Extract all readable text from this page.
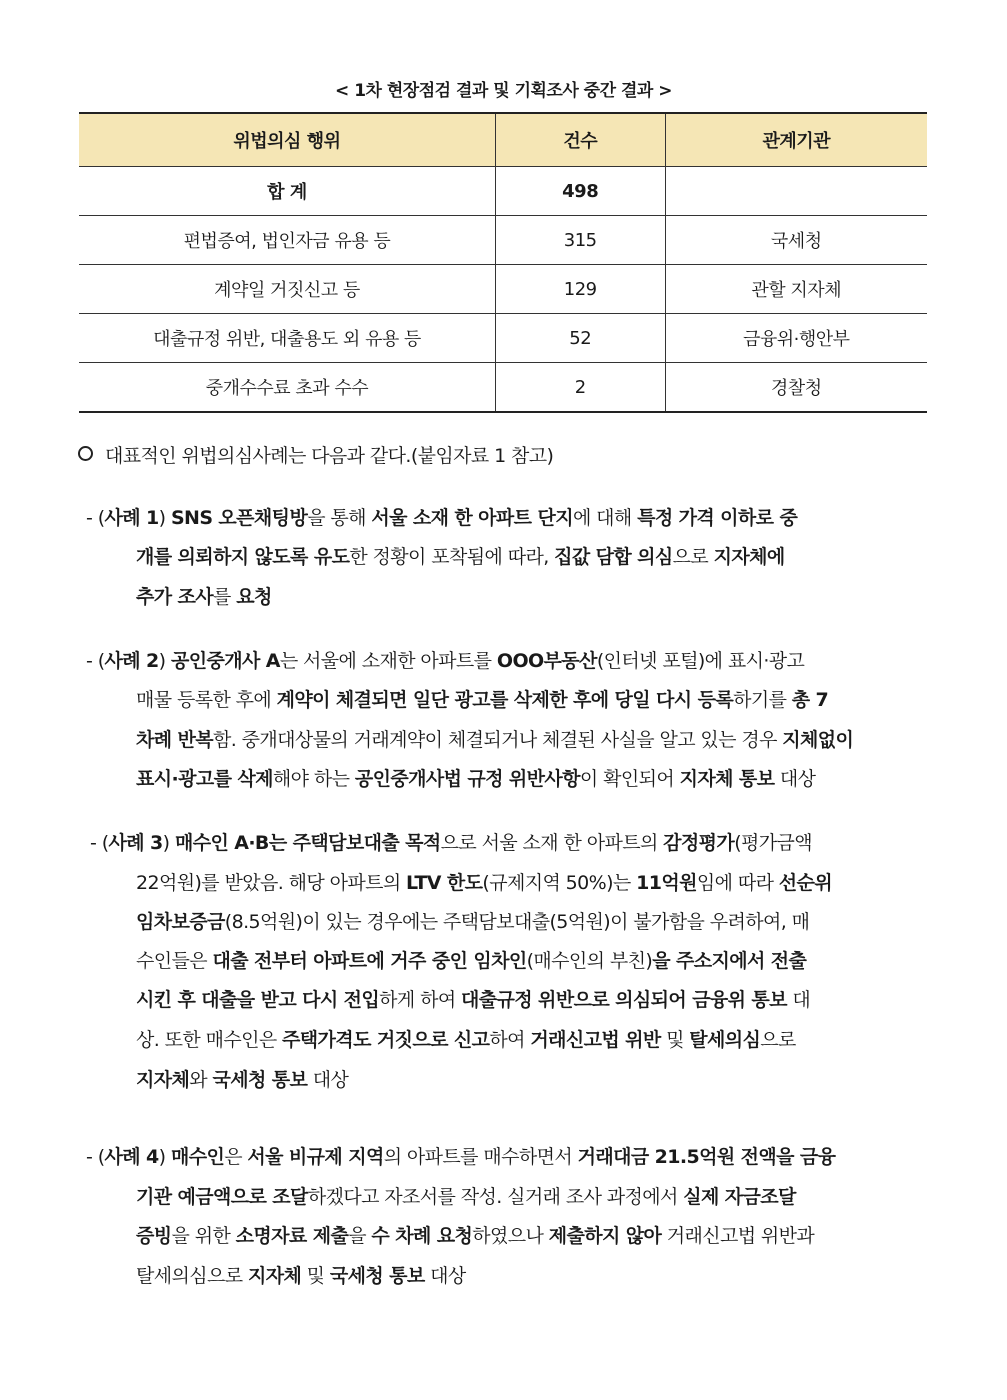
< 1차 현장점검 결과 및 기획조사 중간 결과 >
위법의심 행위	건수	관계기관
합 계	498	
편법증여, 법인자금 유용 등	315	국세청
계약일 거짓신고 등	129	관할 지자체
대출규정 위반, 대출용도 외 유용 등	52	금융위·행안부
중개수수료 초과 수수	2	경찰청
대표적인 위법의심사례는 다음과 같다.(붙임자료 1 참고)
- (사례 1) SNS 오픈채팅방을 통해 서울 소재 한 아파트 단지에 대해 특정 가격 이하로 중
개를 의뢰하지 않도록 유도한 정황이 포착됨에 따라, 집값 담합 의심으로 지자체에
추가 조사를 요청
- (사례 2) 공인중개사 A는 서울에 소재한 아파트를 OOO부동산(인터넷 포털)에 표시·광고
매물 등록한 후에 계약이 체결되면 일단 광고를 삭제한 후에 당일 다시 등록하기를 총 7
차례 반복함. 중개대상물의 거래계약이 체결되거나 체결된 사실을 알고 있는 경우 지체없이
표시·광고를 삭제해야 하는 공인중개사법 규정 위반사항이 확인되어 지자체 통보 대상
- (사례 3) 매수인 A·B는 주택담보대출 목적으로 서울 소재 한 아파트의 감정평가(평가금액
22억원)를 받았음. 해당 아파트의 LTV 한도(규제지역 50%)는 11억원임에 따라 선순위
임차보증금(8.5억원)이 있는 경우에는 주택담보대출(5억원)이 불가함을 우려하여, 매
수인들은 대출 전부터 아파트에 거주 중인 임차인(매수인의 부친)을 주소지에서 전출
시킨 후 대출을 받고 다시 전입하게 하여 대출규정 위반으로 의심되어 금융위 통보 대
상. 또한 매수인은 주택가격도 거짓으로 신고하여 거래신고법 위반 및 탈세의심으로
지자체와 국세청 통보 대상
- (사례 4) 매수인은 서울 비규제 지역의 아파트를 매수하면서 거래대금 21.5억원 전액을 금융
기관 예금액으로 조달하겠다고 자조서를 작성. 실거래 조사 과정에서 실제 자금조달
증빙을 위한 소명자료 제출을 수 차례 요청하였으나 제출하지 않아 거래신고법 위반과
탈세의심으로 지자체 및 국세청 통보 대상
